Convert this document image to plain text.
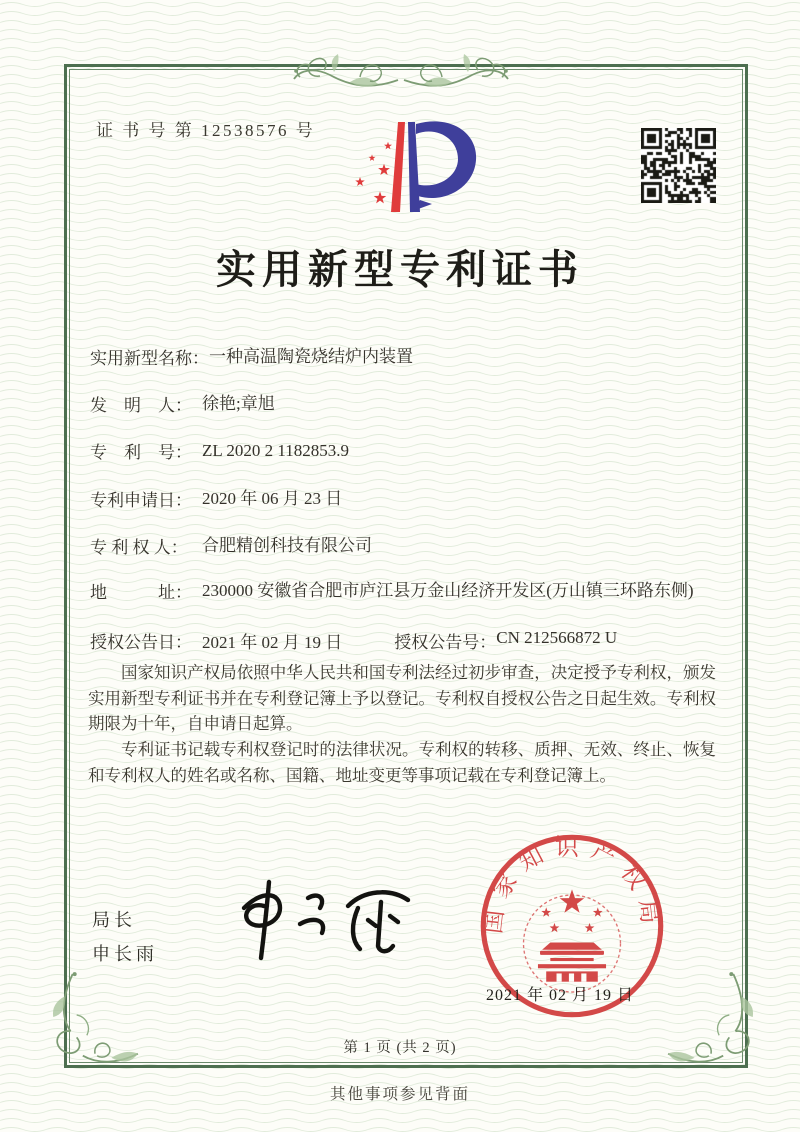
证 书 号 第 12538576 号
实用新型专利证书
实用新型名称： 一种高温陶瓷烧结炉内装置
发　明　人： 徐艳;章旭
专　利　号： ZL 2020 2 1182853.9
专利申请日： 2020 年 06 月 23 日
专 利 权 人： 合肥精创科技有限公司
地　　　址： 230000 安徽省合肥市庐江县万金山经济开发区(万山镇三环路东侧)
授权公告日： 2021 年 02 月 19 日	授权公告号： CN 212566872 U
国家知识产权局依照中华人民共和国专利法经过初步审查，决定授予专利权，颁发实用新型专利证书并在专利登记簿上予以登记。专利权自授权公告之日起生效。专利权期限为十年，自申请日起算。
专利证书记载专利权登记时的法律状况。专利权的转移、质押、无效、终止、恢复和专利权人的姓名或名称、国籍、地址变更等事项记载在专利登记簿上。
局长
申长雨
国家知识产权局
2021 年 02 月 19 日
第 1 页 (共 2 页)
其他事项参见背面
